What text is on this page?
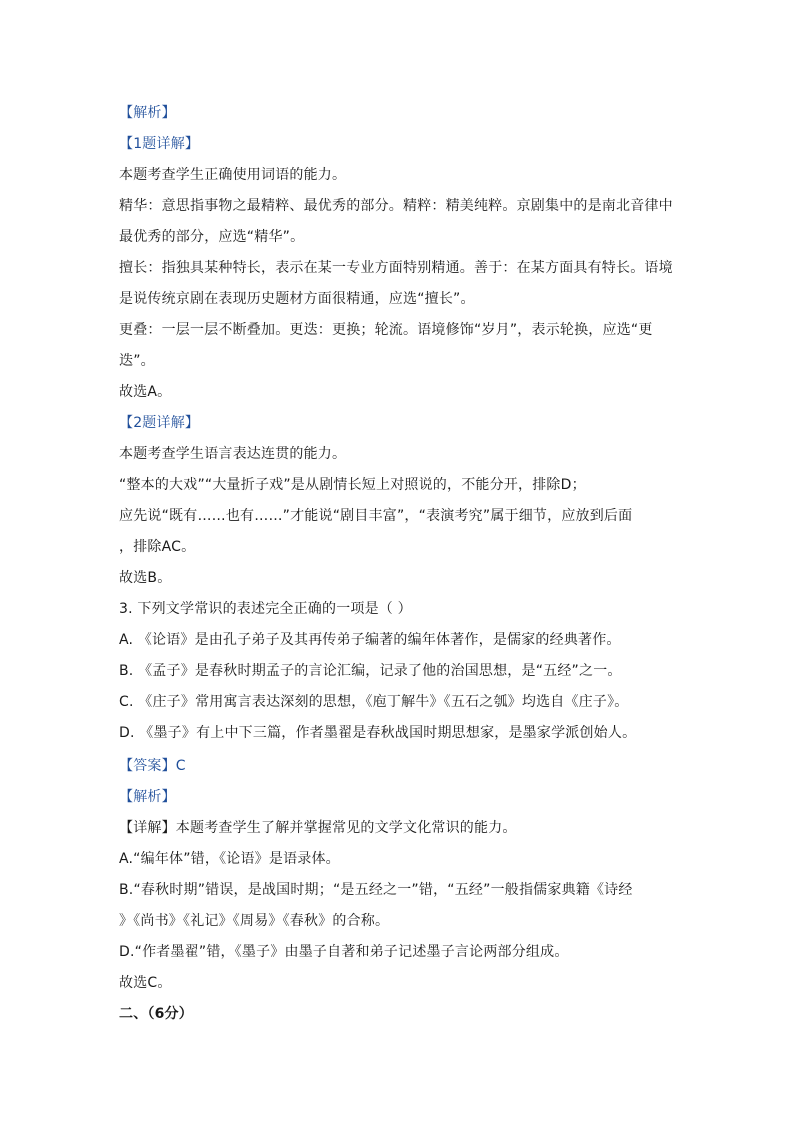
【解析】
【1题详解】
本题考查学生正确使用词语的能力。
精华：意思指事物之最精粹、最优秀的部分。精粹：精美纯粹。京剧集中的是南北音律中
最优秀的部分，应选“精华”。
擅长：指独具某种特长，表示在某一专业方面特别精通。善于：在某方面具有特长。语境
是说传统京剧在表现历史题材方面很精通，应选“擅长”。
更叠：一层一层不断叠加。更迭：更换；轮流。语境修饰“岁月”，表示轮换，应选“更
迭”。
故选A。
【2题详解】
本题考查学生语言表达连贯的能力。
“整本的大戏”“大量折子戏”是从剧情长短上对照说的，不能分开，排除D；
应先说“既有……也有……”才能说“剧目丰富”，“表演考究”属于细节，应放到后面
，排除AC。
故选B。
3. 下列文学常识的表述完全正确的一项是（ ）
A. 《论语》是由孔子弟子及其再传弟子编著的编年体著作，是儒家的经典著作。
B. 《孟子》是春秋时期孟子的言论汇编，记录了他的治国思想，是“五经”之一。
C. 《庄子》常用寓言表达深刻的思想，《庖丁解牛》《五石之瓠》均选自《庄子》。
D. 《墨子》有上中下三篇，作者墨翟是春秋战国时期思想家，是墨家学派创始人。
【答案】C
【解析】
【详解】本题考查学生了解并掌握常见的文学文化常识的能力。
A.“编年体”错，《论语》是语录体。
B.“春秋时期”错误，是战国时期；“是五经之一”错，“五经”一般指儒家典籍《诗经
》《尚书》《礼记》《周易》《春秋》的合称。
D.“作者墨翟”错，《墨子》由墨子自著和弟子记述墨子言论两部分组成。
故选C。
二、（6分）
